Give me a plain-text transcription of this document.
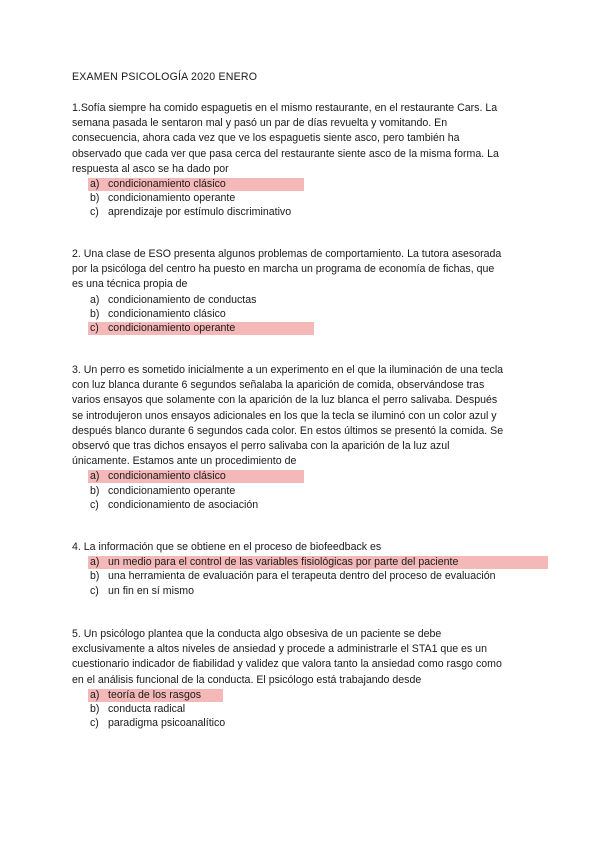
EXAMEN PSICOLOGÍA 2020 ENERO
1.Sofía siempre ha comido espaguetis en el mismo restaurante, en el restaurante Cars. La
semana pasada le sentaron mal y pasó un par de días revuelta y vomitando. En
consecuencia, ahora cada vez que ve los espaguetis siente asco, pero también ha
observado que cada ver que pasa cerca del restaurante siente asco de la misma forma. La
respuesta al asco se ha dado por
a) condicionamiento clásico
b) condicionamiento operante
c) aprendizaje por estímulo discriminativo
2. Una clase de ESO presenta algunos problemas de comportamiento. La tutora asesorada
por la psicóloga del centro ha puesto en marcha un programa de economía de fichas, que
es una técnica propia de
a) condicionamiento de conductas
b) condicionamiento clásico
c) condicionamiento operante
3. Un perro es sometido inicialmente a un experimento en el que la iluminación de una tecla
con luz blanca durante 6 segundos señalaba la aparición de comida, observándose tras
varios ensayos que solamente con la aparición de la luz blanca el perro salivaba. Después
se introdujeron unos ensayos adicionales en los que la tecla se iluminó con un color azul y
después blanco durante 6 segundos cada color. En estos últimos se presentó la comida. Se
observó que tras dichos ensayos el perro salivaba con la aparición de la luz azul
únicamente. Estamos ante un procedimiento de
a) condicionamiento clásico
b) condicionamiento operante
c) condicionamiento de asociación
4. La información que se obtiene en el proceso de biofeedback es
a) un medio para el control de las variables fisiológicas por parte del paciente
b) una herramienta de evaluación para el terapeuta dentro del proceso de evaluación
c) un fin en sí mismo
5. Un psicólogo plantea que la conducta algo obsesiva de un paciente se debe
exclusivamente a altos niveles de ansiedad y procede a administrarle el STA1 que es un
cuestionario indicador de fiabilidad y validez que valora tanto la ansiedad como rasgo como
en el análisis funcional de la conducta. El psicólogo está trabajando desde
a) teoría de los rasgos
b) conducta radical
c) paradigma psicoanalítico
